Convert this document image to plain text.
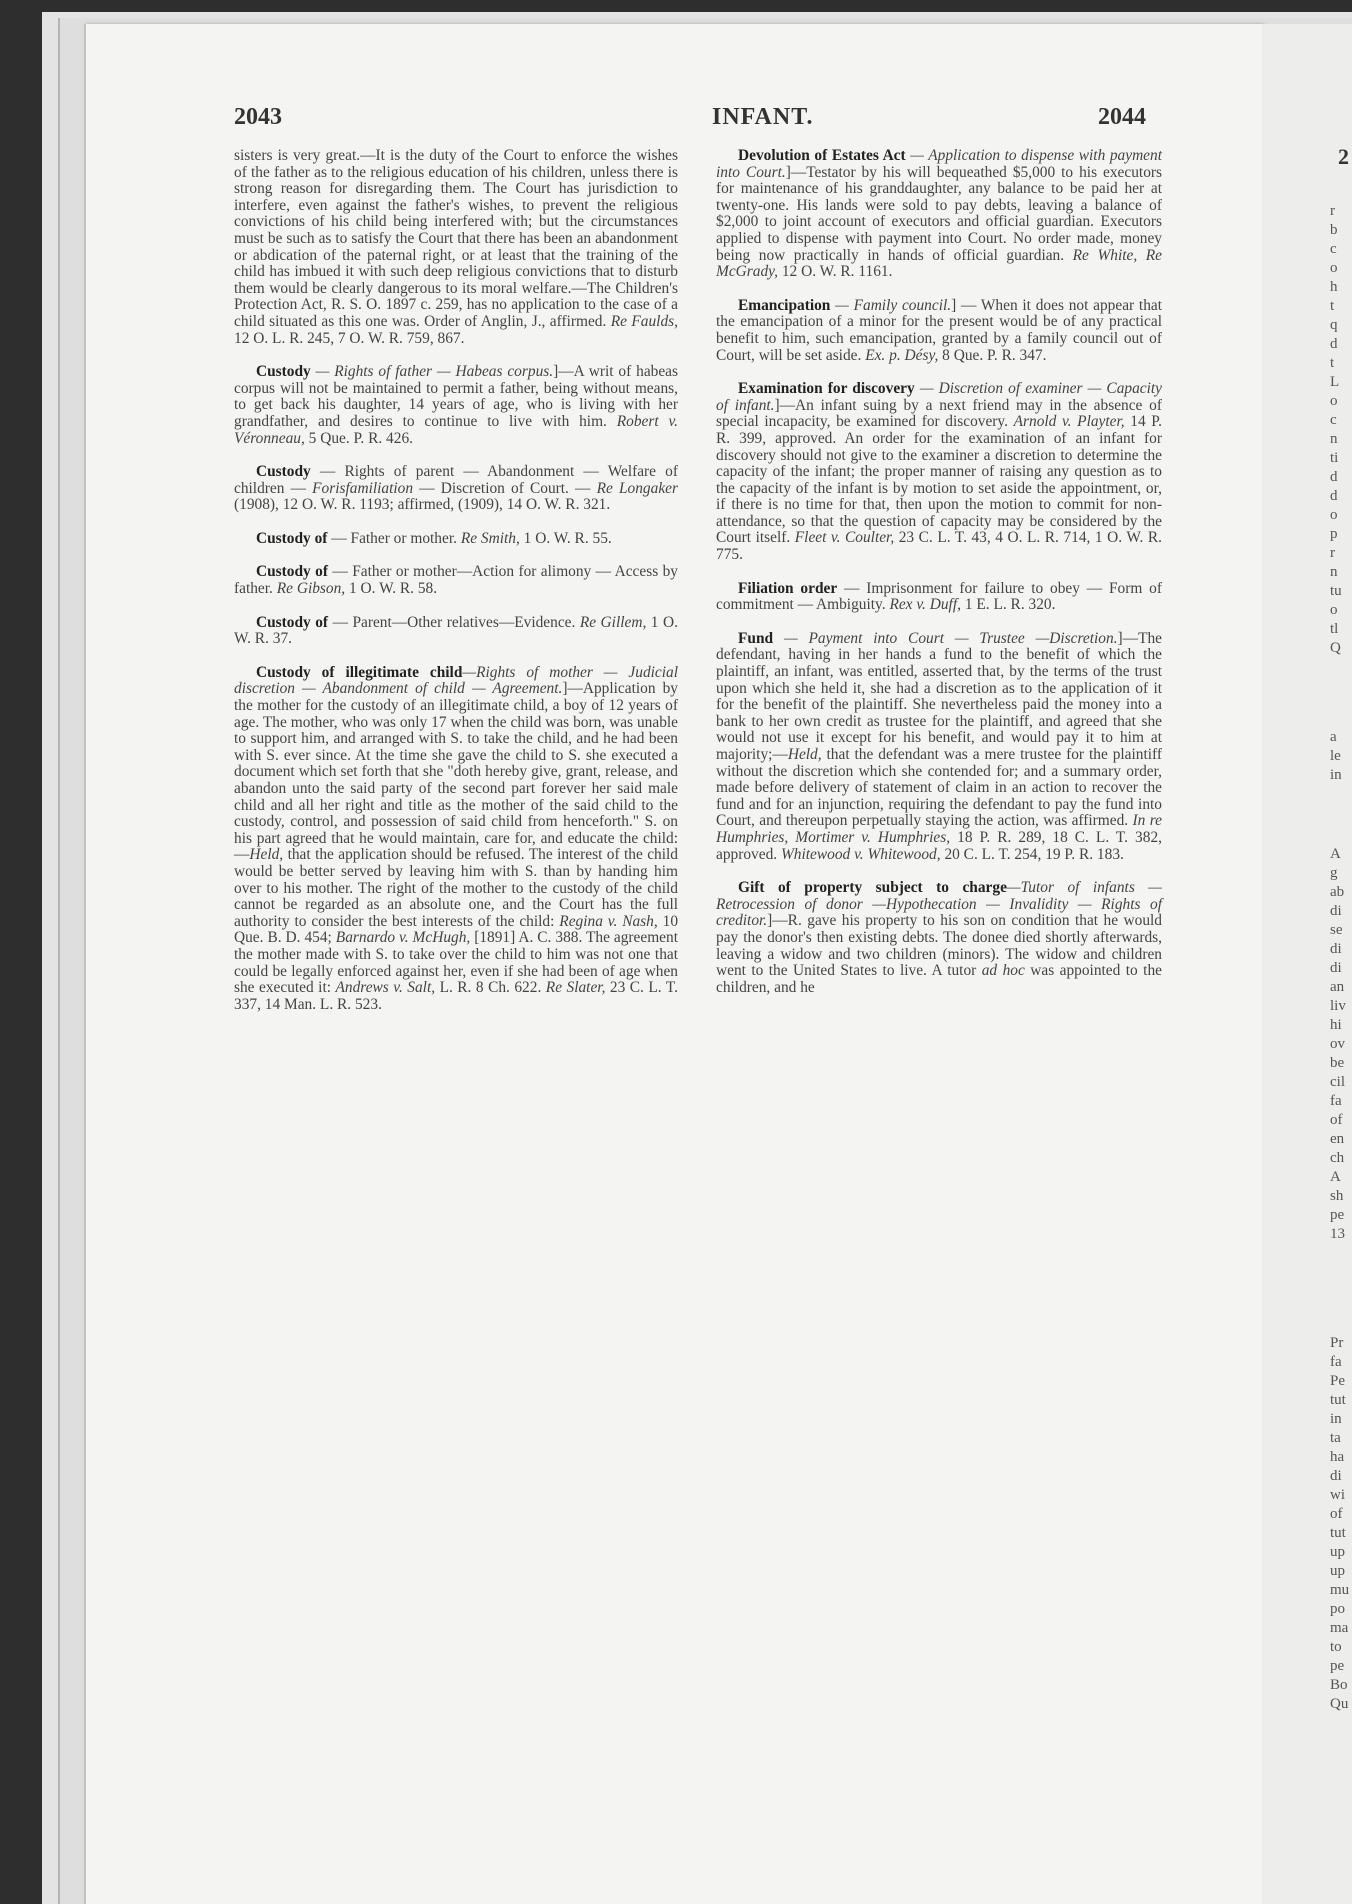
2
r
b
c
o
h
t
q
d
t
L
o
c
n
ti
d
d
o
p
r
n
tu
o
tl
Q
a
le
in
A
g
ab
di
se
di
di
an
liv
hi
ov
be
cil
fa
of
en
ch
A
sh
pe
13
Pr
fa
Pe
tut
in
ta
ha
di
wi
of
tut
up
up
mu
po
ma
to
pe
Bo
Qu
2043	INFANT.	2044

sisters is very great.—It is the duty of the Court to enforce the wishes of the father as to the religious education of his children, unless there is strong reason for disregarding them. The Court has jurisdiction to interfere, even against the father's wishes, to prevent the religious convictions of his child being interfered with; but the circumstances must be such as to satisfy the Court that there has been an abandonment or abdication of the paternal right, or at least that the training of the child has imbued it with such deep religious convictions that to disturb them would be clearly dangerous to its moral welfare.—The Children's Protection Act, R. S. O. 1897 c. 259, has no application to the case of a child situated as this one was. Order of Anglin, J., affirmed. Re Faulds, 12 O. L. R. 245, 7 O. W. R. 759, 867.

Custody — Rights of father — Habeas corpus.]—A writ of habeas corpus will not be maintained to permit a father, being without means, to get back his daughter, 14 years of age, who is living with her grandfather, and desires to continue to live with him. Robert v. Véronneau, 5 Que. P. R. 426.

Custody — Rights of parent — Abandonment — Welfare of children — Forisfamiliation — Discretion of Court. — Re Longaker (1908), 12 O. W. R. 1193; affirmed, (1909), 14 O. W. R. 321.

Custody of — Father or mother. Re Smith, 1 O. W. R. 55.

Custody of — Father or mother—Action for alimony — Access by father. Re Gibson, 1 O. W. R. 58.

Custody of — Parent—Other relatives—Evidence. Re Gillem, 1 O. W. R. 37.

Custody of illegitimate child—Rights of mother — Judicial discretion — Abandonment of child — Agreement.]—Application by the mother for the custody of an illegitimate child, a boy of 12 years of age. The mother, who was only 17 when the child was born, was unable to support him, and arranged with S. to take the child, and he had been with S. ever since. At the time she gave the child to S. she executed a document which set forth that she "doth hereby give, grant, release, and abandon unto the said party of the second part forever her said male child and all her right and title as the mother of the said child to the custody, control, and possession of said child from henceforth." S. on his part agreed that he would maintain, care for, and educate the child:—Held, that the application should be refused. The interest of the child would be better served by leaving him with S. than by handing him over to his mother. The right of the mother to the custody of the child cannot be regarded as an absolute one, and the Court has the full authority to consider the best interests of the child: Regina v. Nash, 10 Que. B. D. 454; Barnardo v. McHugh, [1891] A. C. 388. The agreement the mother made with S. to take over the child to him was not one that could be legally enforced against her, even if she had been of age when she executed it: Andrews v. Salt, L. R. 8 Ch. 622. Re Slater, 23 C. L. T. 337, 14 Man. L. R. 523.

Devolution of Estates Act — Application to dispense with payment into Court.]—Testator by his will bequeathed $5,000 to his executors for maintenance of his granddaughter, any balance to be paid her at twenty-one. His lands were sold to pay debts, leaving a balance of $2,000 to joint account of executors and official guardian. Executors applied to dispense with payment into Court. No order made, money being now practically in hands of official guardian. Re White, Re McGrady, 12 O. W. R. 1161.

Emancipation — Family council.] — When it does not appear that the emancipation of a minor for the present would be of any practical benefit to him, such emancipation, granted by a family council out of Court, will be set aside. Ex. p. Désy, 8 Que. P. R. 347.

Examination for discovery — Discretion of examiner — Capacity of infant.]—An infant suing by a next friend may in the absence of special incapacity, be examined for discovery. Arnold v. Playter, 14 P. R. 399, approved. An order for the examination of an infant for discovery should not give to the examiner a discretion to determine the capacity of the infant; the proper manner of raising any question as to the capacity of the infant is by motion to set aside the appointment, or, if there is no time for that, then upon the motion to commit for non-attendance, so that the question of capacity may be considered by the Court itself. Fleet v. Coulter, 23 C. L. T. 43, 4 O. L. R. 714, 1 O. W. R. 775.

Filiation order — Imprisonment for failure to obey — Form of commitment — Ambiguity. Rex v. Duff, 1 E. L. R. 320.

Fund — Payment into Court — Trustee —Discretion.]—The defendant, having in her hands a fund to the benefit of which the plaintiff, an infant, was entitled, asserted that, by the terms of the trust upon which she held it, she had a discretion as to the application of it for the benefit of the plaintiff. She nevertheless paid the money into a bank to her own credit as trustee for the plaintiff, and agreed that she would not use it except for his benefit, and would pay it to him at majority;—Held, that the defendant was a mere trustee for the plaintiff without the discretion which she contended for; and a summary order, made before delivery of statement of claim in an action to recover the fund and for an injunction, requiring the defendant to pay the fund into Court, and thereupon perpetually staying the action, was affirmed. In re Humphries, Mortimer v. Humphries, 18 P. R. 289, 18 C. L. T. 382, approved. Whitewood v. Whitewood, 20 C. L. T. 254, 19 P. R. 183.

Gift of property subject to charge—Tutor of infants — Retrocession of donor —Hypothecation — Invalidity — Rights of creditor.]—R. gave his property to his son on condition that he would pay the donor's then existing debts. The donee died shortly afterwards, leaving a widow and two children (minors). The widow and children went to the United States to live. A tutor ad hoc was appointed to the children, and he
